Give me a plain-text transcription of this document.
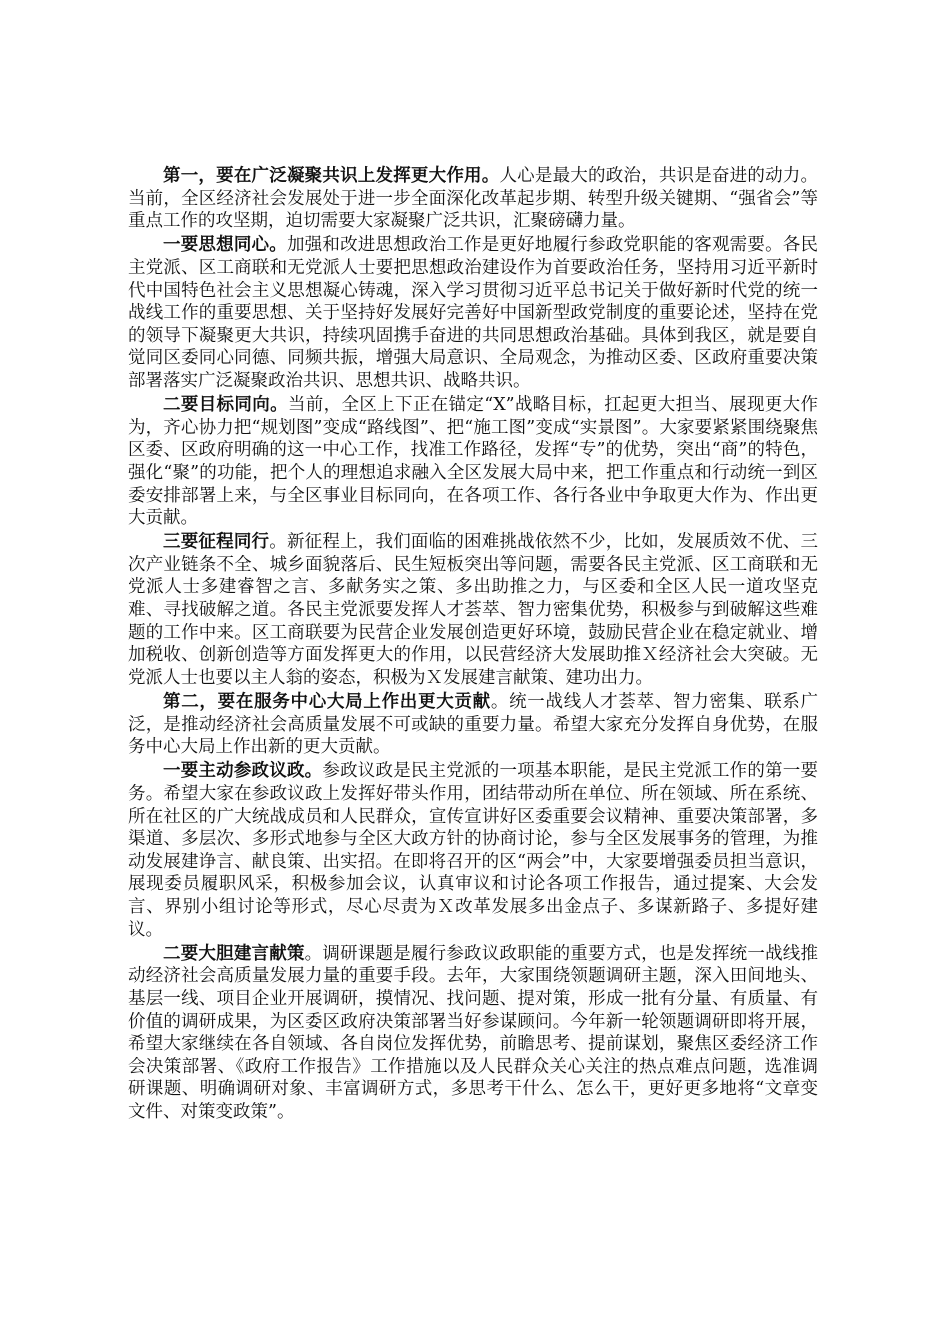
第一，要在广泛凝聚共识上发挥更大作用。人心是最大的政治，共识是奋进的动力。当前，全区经济社会发展处于进一步全面深化改革起步期、转型升级关键期、“强省会”等重点工作的攻坚期，迫切需要大家凝聚广泛共识，汇聚磅礴力量。

一要思想同心。加强和改进思想政治工作是更好地履行参政党职能的客观需要。各民主党派、区工商联和无党派人士要把思想政治建设作为首要政治任务，坚持用习近平新时代中国特色社会主义思想凝心铸魂，深入学习贯彻习近平总书记关于做好新时代党的统一战线工作的重要思想、关于坚持好发展好完善好中国新型政党制度的重要论述，坚持在党的领导下凝聚更大共识，持续巩固携手奋进的共同思想政治基础。具体到我区，就是要自觉同区委同心同德、同频共振，增强大局意识、全局观念，为推动区委、区政府重要决策部署落实广泛凝聚政治共识、思想共识、战略共识。

二要目标同向。当前，全区上下正在锚定“X”战略目标，扛起更大担当、展现更大作为，齐心协力把“规划图”变成“路线图”、把“施工图”变成“实景图”。大家要紧紧围绕聚焦区委、区政府明确的这一中心工作，找准工作路径，发挥“专”的优势，突出“商”的特色，强化“聚”的功能，把个人的理想追求融入全区发展大局中来，把工作重点和行动统一到区委安排部署上来，与全区事业目标同向，在各项工作、各行各业中争取更大作为、作出更大贡献。

三要征程同行。新征程上，我们面临的困难挑战依然不少，比如，发展质效不优、三次产业链条不全、城乡面貌落后、民生短板突出等问题，需要各民主党派、区工商联和无党派人士多建睿智之言、多献务实之策、多出助推之力，与区委和全区人民一道攻坚克难、寻找破解之道。各民主党派要发挥人才荟萃、智力密集优势，积极参与到破解这些难题的工作中来。区工商联要为民营企业发展创造更好环境，鼓励民营企业在稳定就业、增加税收、创新创造等方面发挥更大的作用，以民营经济大发展助推Ｘ经济社会大突破。无党派人士也要以主人翁的姿态，积极为Ｘ发展建言献策、建功出力。

第二，要在服务中心大局上作出更大贡献。统一战线人才荟萃、智力密集、联系广泛，是推动经济社会高质量发展不可或缺的重要力量。希望大家充分发挥自身优势，在服务中心大局上作出新的更大贡献。

一要主动参政议政。参政议政是民主党派的一项基本职能，是民主党派工作的第一要务。希望大家在参政议政上发挥好带头作用，团结带动所在单位、所在领域、所在系统、所在社区的广大统战成员和人民群众，宣传宣讲好区委重要会议精神、重要决策部署，多渠道、多层次、多形式地参与全区大政方针的协商讨论，参与全区发展事务的管理，为推动发展建诤言、献良策、出实招。在即将召开的区“两会”中，大家要增强委员担当意识，展现委员履职风采，积极参加会议，认真审议和讨论各项工作报告，通过提案、大会发言、界别小组讨论等形式，尽心尽责为Ｘ改革发展多出金点子、多谋新路子、多提好建议。

二要大胆建言献策。调研课题是履行参政议政职能的重要方式，也是发挥统一战线推动经济社会高质量发展力量的重要手段。去年，大家围绕领题调研主题，深入田间地头、基层一线、项目企业开展调研，摸情况、找问题、提对策，形成一批有分量、有质量、有价值的调研成果，为区委区政府决策部署当好参谋顾问。今年新一轮领题调研即将开展，希望大家继续在各自领域、各自岗位发挥优势，前瞻思考、提前谋划，聚焦区委经济工作会决策部署、《政府工作报告》工作措施以及人民群众关心关注的热点难点问题，选准调研课题、明确调研对象、丰富调研方式，多思考干什么、怎么干，更好更多地将“文章变文件、对策变政策”。
